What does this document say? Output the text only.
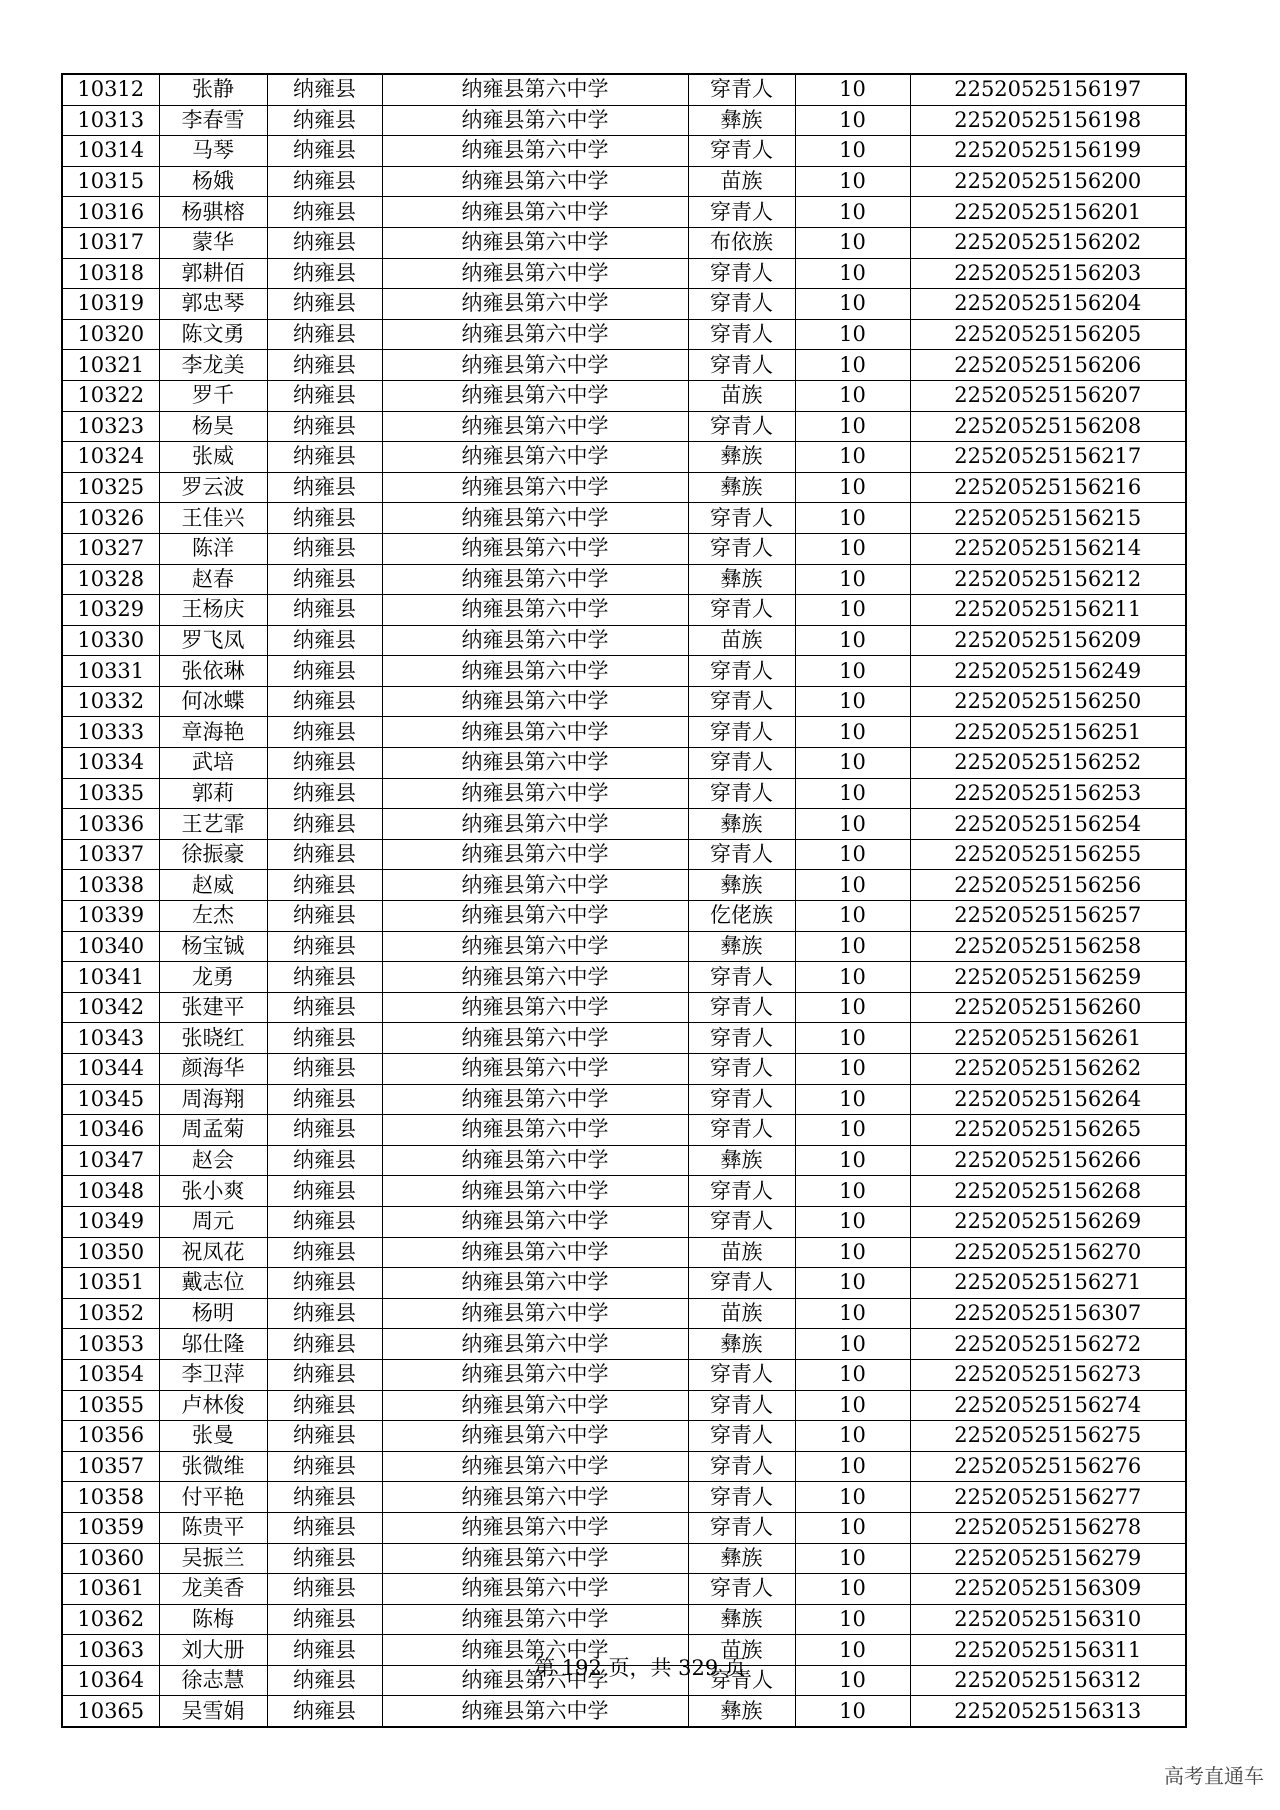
10312	张静	纳雍县	纳雍县第六中学	穿青人	10	22520525156197
10313	李春雪	纳雍县	纳雍县第六中学	彝族	10	22520525156198
10314	马琴	纳雍县	纳雍县第六中学	穿青人	10	22520525156199
10315	杨娥	纳雍县	纳雍县第六中学	苗族	10	22520525156200
10316	杨骐榕	纳雍县	纳雍县第六中学	穿青人	10	22520525156201
10317	蒙华	纳雍县	纳雍县第六中学	布依族	10	22520525156202
10318	郭耕佰	纳雍县	纳雍县第六中学	穿青人	10	22520525156203
10319	郭忠琴	纳雍县	纳雍县第六中学	穿青人	10	22520525156204
10320	陈文勇	纳雍县	纳雍县第六中学	穿青人	10	22520525156205
10321	李龙美	纳雍县	纳雍县第六中学	穿青人	10	22520525156206
10322	罗千	纳雍县	纳雍县第六中学	苗族	10	22520525156207
10323	杨昊	纳雍县	纳雍县第六中学	穿青人	10	22520525156208
10324	张威	纳雍县	纳雍县第六中学	彝族	10	22520525156217
10325	罗云波	纳雍县	纳雍县第六中学	彝族	10	22520525156216
10326	王佳兴	纳雍县	纳雍县第六中学	穿青人	10	22520525156215
10327	陈洋	纳雍县	纳雍县第六中学	穿青人	10	22520525156214
10328	赵春	纳雍县	纳雍县第六中学	彝族	10	22520525156212
10329	王杨庆	纳雍县	纳雍县第六中学	穿青人	10	22520525156211
10330	罗飞凤	纳雍县	纳雍县第六中学	苗族	10	22520525156209
10331	张依琳	纳雍县	纳雍县第六中学	穿青人	10	22520525156249
10332	何冰蝶	纳雍县	纳雍县第六中学	穿青人	10	22520525156250
10333	章海艳	纳雍县	纳雍县第六中学	穿青人	10	22520525156251
10334	武培	纳雍县	纳雍县第六中学	穿青人	10	22520525156252
10335	郭莉	纳雍县	纳雍县第六中学	穿青人	10	22520525156253
10336	王艺霏	纳雍县	纳雍县第六中学	彝族	10	22520525156254
10337	徐振豪	纳雍县	纳雍县第六中学	穿青人	10	22520525156255
10338	赵威	纳雍县	纳雍县第六中学	彝族	10	22520525156256
10339	左杰	纳雍县	纳雍县第六中学	仡佬族	10	22520525156257
10340	杨宝铖	纳雍县	纳雍县第六中学	彝族	10	22520525156258
10341	龙勇	纳雍县	纳雍县第六中学	穿青人	10	22520525156259
10342	张建平	纳雍县	纳雍县第六中学	穿青人	10	22520525156260
10343	张晓红	纳雍县	纳雍县第六中学	穿青人	10	22520525156261
10344	颜海华	纳雍县	纳雍县第六中学	穿青人	10	22520525156262
10345	周海翔	纳雍县	纳雍县第六中学	穿青人	10	22520525156264
10346	周孟菊	纳雍县	纳雍县第六中学	穿青人	10	22520525156265
10347	赵会	纳雍县	纳雍县第六中学	彝族	10	22520525156266
10348	张小爽	纳雍县	纳雍县第六中学	穿青人	10	22520525156268
10349	周元	纳雍县	纳雍县第六中学	穿青人	10	22520525156269
10350	祝凤花	纳雍县	纳雍县第六中学	苗族	10	22520525156270
10351	戴志位	纳雍县	纳雍县第六中学	穿青人	10	22520525156271
10352	杨明	纳雍县	纳雍县第六中学	苗族	10	22520525156307
10353	邬仕隆	纳雍县	纳雍县第六中学	彝族	10	22520525156272
10354	李卫萍	纳雍县	纳雍县第六中学	穿青人	10	22520525156273
10355	卢林俊	纳雍县	纳雍县第六中学	穿青人	10	22520525156274
10356	张曼	纳雍县	纳雍县第六中学	穿青人	10	22520525156275
10357	张微维	纳雍县	纳雍县第六中学	穿青人	10	22520525156276
10358	付平艳	纳雍县	纳雍县第六中学	穿青人	10	22520525156277
10359	陈贵平	纳雍县	纳雍县第六中学	穿青人	10	22520525156278
10360	吴振兰	纳雍县	纳雍县第六中学	彝族	10	22520525156279
10361	龙美香	纳雍县	纳雍县第六中学	穿青人	10	22520525156309
10362	陈梅	纳雍县	纳雍县第六中学	彝族	10	22520525156310
10363	刘大册	纳雍县	纳雍县第六中学	苗族	10	22520525156311
10364	徐志慧	纳雍县	纳雍县第六中学	穿青人	10	22520525156312
10365	吴雪娟	纳雍县	纳雍县第六中学	彝族	10	22520525156313
第 192 页，共 329 页
高考直通车
